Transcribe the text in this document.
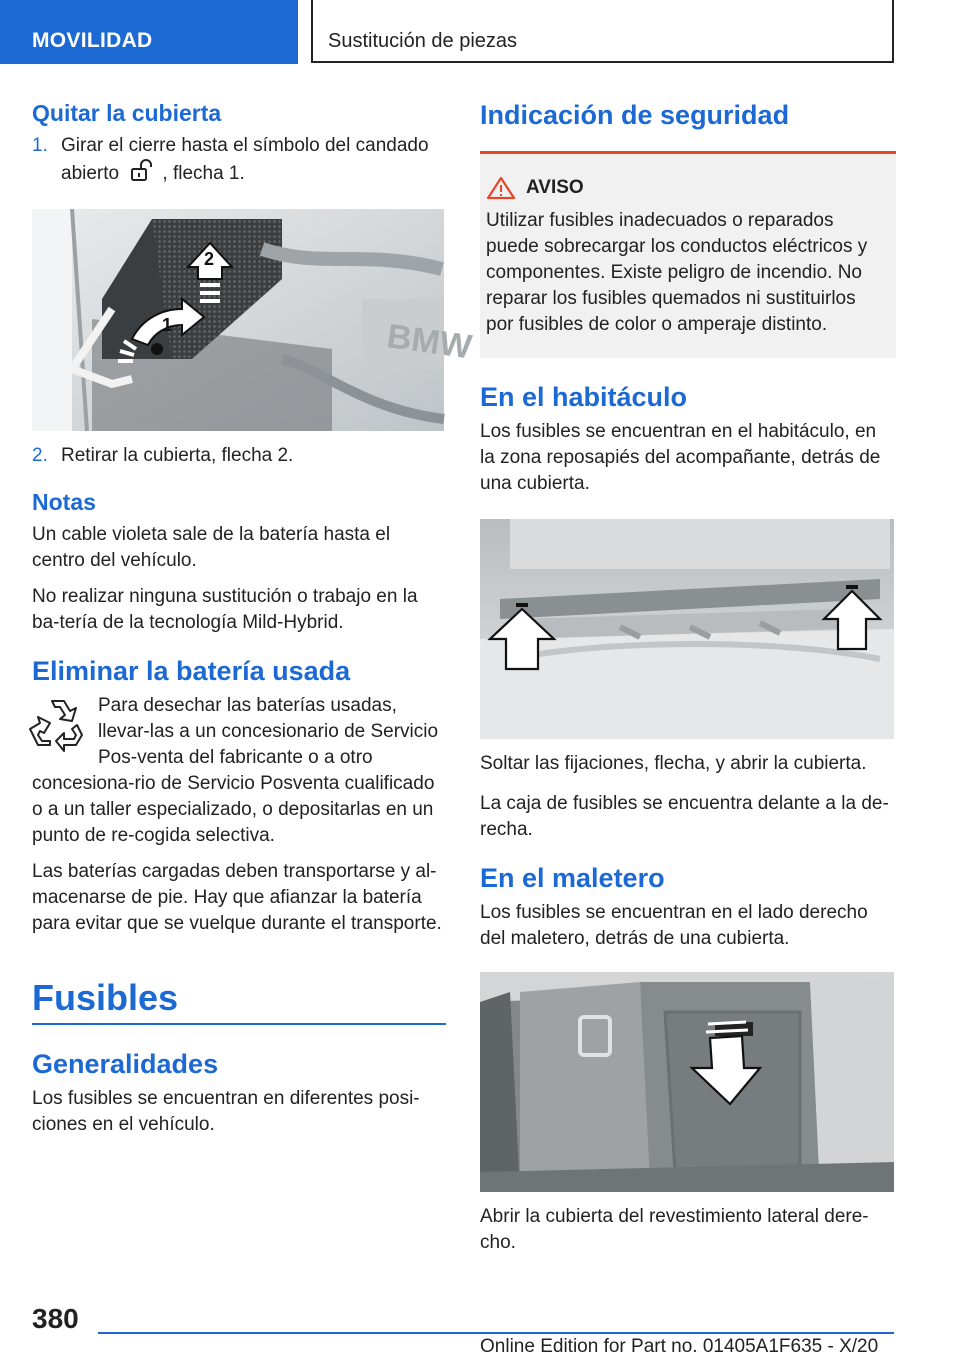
MOVILIDAD	Sustitución de piezas
Quitar la cubierta
1. Girar el cierre hasta el símbolo del candado abierto , flecha 1.
BMW
2
1
2. Retirar la cubierta, flecha 2.
Notas

Un cable violeta sale de la batería hasta el centro del vehículo.

No realizar ninguna sustitución o trabajo en la ba-tería de la tecnología Mild-Hybrid.

Eliminar la batería usada

Para desechar las baterías usadas, llevar-las a un concesionario de Servicio Pos-venta del fabricante o a otro concesiona-rio de Servicio Posventa cualificado o a un taller especializado, o depositarlas en un punto de re-cogida selectiva.

Las baterías cargadas deben transportarse y al-macenarse de pie. Hay que afianzar la batería para evitar que se vuelque durante el transporte.

Fusibles
Generalidades

Los fusibles se encuentran en diferentes posi-ciones en el vehículo.

Indicación de seguridad
AVISO

Utilizar fusibles inadecuados o reparados puede sobrecargar los conductos eléctricos y componentes. Existe peligro de incendio. No reparar los fusibles quemados ni sustituirlos por fusibles de color o amperaje distinto.

En el habitáculo

Los fusibles se encuentran en el habitáculo, en la zona reposapiés del acompañante, detrás de una cubierta.

Soltar las fijaciones, flecha, y abrir la cubierta.

La caja de fusibles se encuentra delante a la de-recha.

En el maletero

Los fusibles se encuentran en el lado derecho del maletero, detrás de una cubierta.

Abrir la cubierta del revestimiento lateral dere-cho.

380
Online Edition for Part no. 01405A1F635 - X/20
